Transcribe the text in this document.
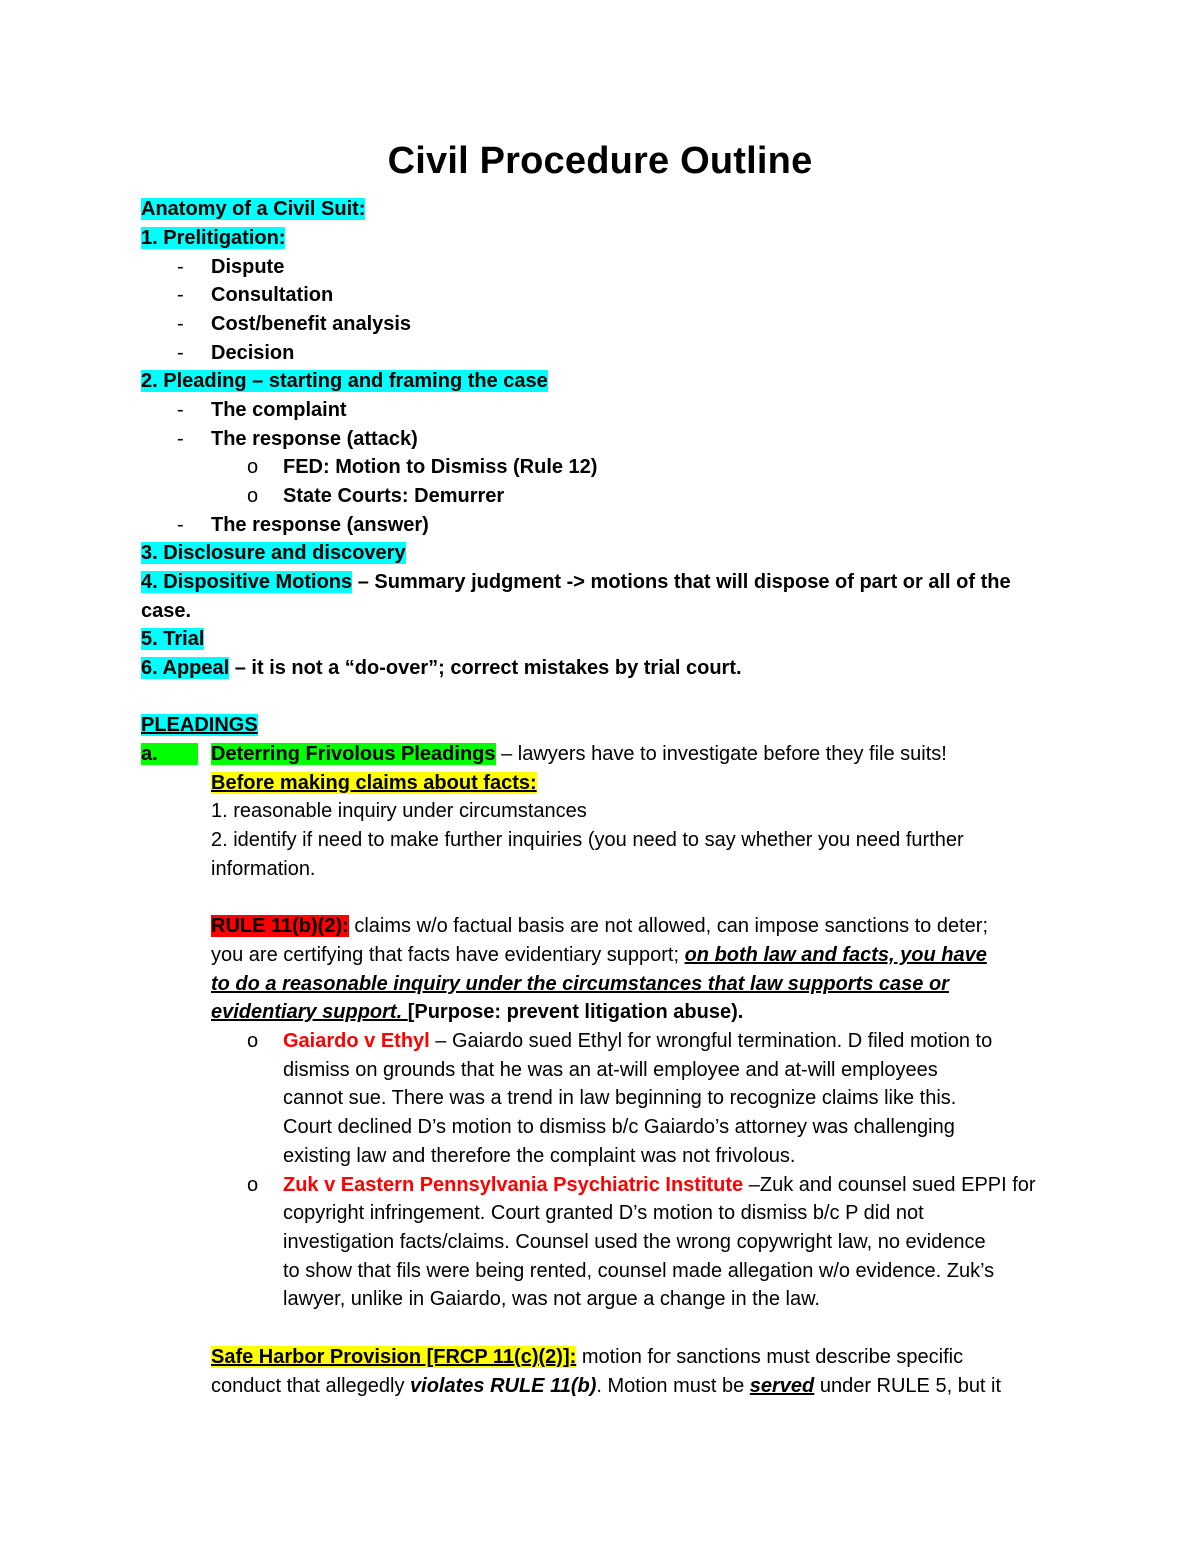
Civil Procedure Outline
Anatomy of a Civil Suit:
1. Prelitigation:
- Dispute
- Consultation
- Cost/benefit analysis
- Decision
2. Pleading – starting and framing the case
- The complaint
- The response (attack)
o FED: Motion to Dismiss (Rule 12)
o State Courts: Demurrer
- The response (answer)
3. Disclosure and discovery
4. Dispositive Motions – Summary judgment -> motions that will dispose of part or all of the
case.
5. Trial
6. Appeal – it is not a “do-over”; correct mistakes by trial court.
PLEADINGS
a.	Deterring Frivolous Pleadings – lawyers have to investigate before they file suits!
Before making claims about facts:
1. reasonable inquiry under circumstances
2. identify if need to make further inquiries (you need to say whether you need further
information.
RULE 11(b)(2): claims w/o factual basis are not allowed, can impose sanctions to deter;
you are certifying that facts have evidentiary support; on both law and facts, you have
to do a reasonable inquiry under the circumstances that law supports case or
evidentiary support. [Purpose: prevent litigation abuse).
o Gaiardo v Ethyl – Gaiardo sued Ethyl for wrongful termination. D filed motion to
dismiss on grounds that he was an at-will employee and at-will employees
cannot sue. There was a trend in law beginning to recognize claims like this.
Court declined D’s motion to dismiss b/c Gaiardo’s attorney was challenging
existing law and therefore the complaint was not frivolous.
o Zuk v Eastern Pennsylvania Psychiatric Institute –Zuk and counsel sued EPPI for
copyright infringement. Court granted D’s motion to dismiss b/c P did not
investigation facts/claims. Counsel used the wrong copywright law, no evidence
to show that fils were being rented, counsel made allegation w/o evidence. Zuk’s
lawyer, unlike in Gaiardo, was not argue a change in the law.
Safe Harbor Provision [FRCP 11(c)(2)]: motion for sanctions must describe specific
conduct that allegedly violates RULE 11(b). Motion must be served under RULE 5, but it
